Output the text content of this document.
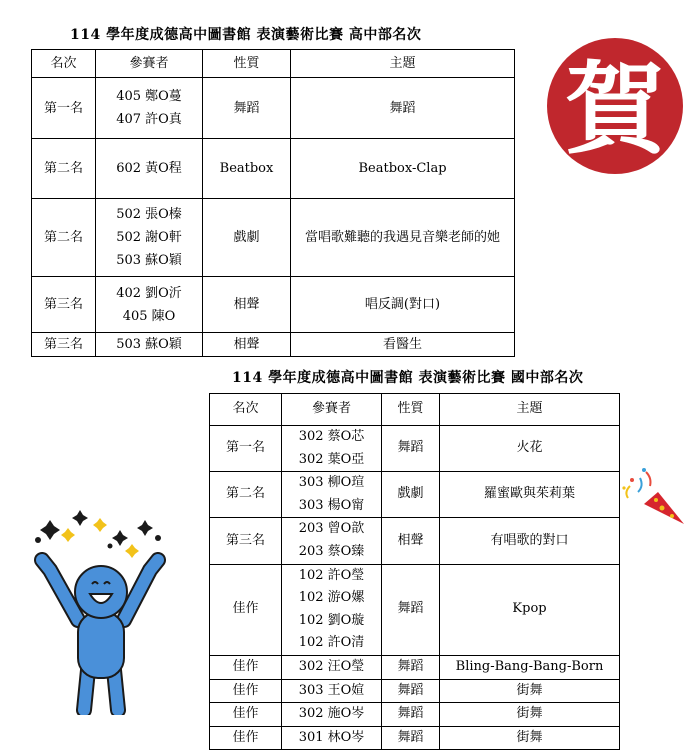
114 學年度成德高中圖書館 表演藝術比賽 高中部名次
名次	參賽者	性質	主題
第一名	405 鄭O蔓
407 許O真	舞蹈	舞蹈
第二名	602 黃O程	Beatbox	Beatbox-Clap
第二名	502 張O榛
502 謝O軒
503 蘇O穎	戲劇	當唱歌難聽的我遇見音樂老師的她
第三名	402 劉O沂
405 陳O	相聲	唱反調(對口)
第三名	503 蘇O穎	相聲	看醫生
114 學年度成德高中圖書館 表演藝術比賽 國中部名次
名次	參賽者	性質	主題
第一名	302 蔡O芯
302 葉O亞	舞蹈	火花
第二名	303 柳O瑄
303 楊O甯	戲劇	羅蜜歐與茱莉葉
第三名	203 曾O歆
203 蔡O臻	相聲	有唱歌的對口
佳作	102 許O瑩
102 游O嫘
102 劉O璇
102 許O清	舞蹈	Kpop
佳作	302 汪O瑩	舞蹈	Bling-Bang-Bang-Born
佳作	303 王O媗	舞蹈	街舞
佳作	302 施O岑	舞蹈	街舞
佳作	301 林O岑	舞蹈	街舞
賀
